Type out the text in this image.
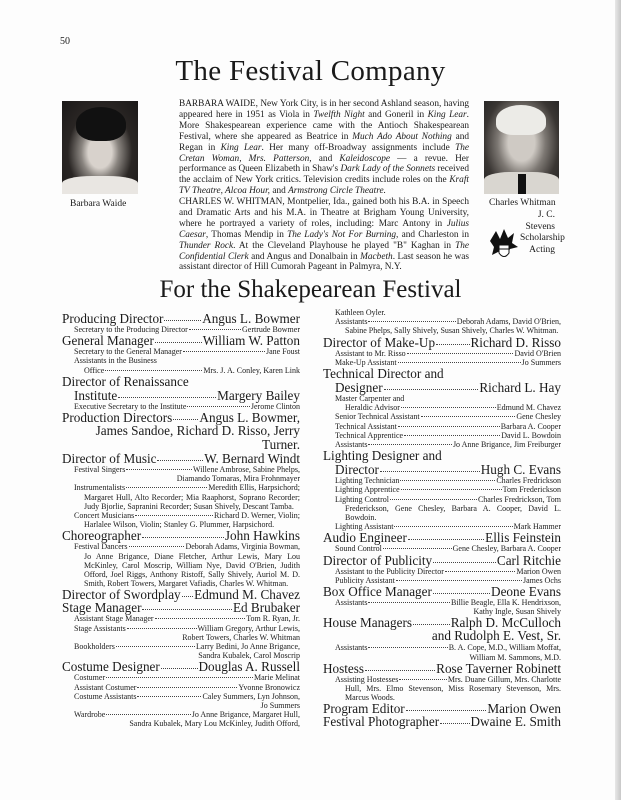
50
The Festival Company
Barbara Waide	Charles Whitman
J. C.
Stevens
Scholarship
Acting
BARBARA WAIDE, New York City, is in her second Ashland season, having appeared here in 1951 as Viola in Twelfth Night and Goneril in King Lear. More Shakespearean experience came with the Antioch Shakespearean Festival, where she appeared as Beatrice in Much Ado About Nothing and Regan in King Lear. Her many off-Broadway assignments include The Cretan Woman, Mrs. Patterson, and Kaleidoscope — a revue. Her performance as Queen Elizabeth in Shaw's Dark Lady of the Sonnets received the acclaim of New York critics. Television credits include roles on the Kraft TV Theatre, Alcoa Hour, and Armstrong Circle Theatre.
CHARLES W. WHITMAN, Montpelier, Ida., gained both his B.A. in Speech and Dramatic Arts and his M.A. in Theatre at Brigham Young University, where he portrayed a variety of roles, including: Marc Antony in Julius Caesar, Thomas Mendip in The Lady's Not For Burning, and Charleston in Thunder Rock. At the Cleveland Playhouse he played "B" Kaghan in The Confidential Clerk and Angus and Donalbain in Macbeth. Last season he was assistant director of Hill Cumorah Pageant in Palmyra, N.Y.
For the Shakepearean Festival
Producing Director	Angus L. Bowmer
Secretary to the Producing Director	Gertrude Bowmer
General Manager	William W. Patton
Secretary to the General Manager	Jane Foust
Assistants in the Business
Office	Mrs. J. A. Conley, Karen Link
Director of Renaissance
Institute	Margery Bailey
Executive Secretary to the Institute	Jerome Clinton
Production Directors Angus L. Bowmer,
James Sandoe, Richard D. Risso, Jerry Turner.
Director of Music	W. Bernard Windt
Festival Singers	Willene Ambrose, Sabine Phelps,
Diamando Tomaras, Mira Frohnmayer
Instrumentalists	Meredith Ellis, Harpsichord;
Margaret Hull, Alto Recorder; Mia Raaphorst, Soprano Recorder; Judy Bjorlie, Sapranini Recorder; Susan Shively, Descant Tamba.
Concert Musicians	Richard D. Werner, Violin;
Harlalee Wilson, Violin; Stanley G. Plummer, Harpsichord.
Choreographer	John Hawkins
Festival Dancers	Deborah Adams, Virginia Bowman,
Jo Anne Brigance, Diane Fletcher, Arthur Lewis, Mary Lou McKinley, Carol Moscrip, William Nye, David O'Brien, Judith Offord, Joel Riggs, Anthony Ristoff, Sally Shively, Auriol M. D. Smith, Robert Towers, Margaret Vafiadis, Charles W. Whitman.
Director of Swordplay Edmund M. Chavez
Stage Manager	Ed Brubaker
Assistant Stage Manager	Tom R. Ryan, Jr.
Stage Assistants	William Gregory, Arthur Lewis,
Robert Towers, Charles W. Whitman
Bookholders	Larry Bedini, Jo Anne Brigance,
Sandra Kubalek, Carol Moscrip
Costume Designer	Douglas A. Russell
Costumer	Marie Melinat
Assistant Costumer	Yvonne Bronowicz
Costume Assistants	Caley Summers, Lyn Johnson,
Jo Summers
Wardrobe	Jo Anne Brigance, Margaret Hull,
Sandra Kubalek, Mary Lou McKinley, Judith Offord,
Kathleen Oyler.
Assistants	Deborah Adams, David O'Brien,
Sabine Phelps, Sally Shively, Susan Shively, Charles W. Whitman.
Director of Make-Up	Richard D. Risso
Assistant to Mr. Risso	David O'Brien
Make-Up Assistant	Jo Summers
Technical Director and
Designer	Richard L. Hay
Master Carpenter and
Heraldic Advisor	Edmund M. Chavez
Senior Technical Assistant	Gene Chesley
Technical Assistant	Barbara A. Cooper
Technical Apprentice	David L. Bowdoin
Assistants	Jo Anne Brigance, Jim Freiburger
Lighting Designer and
Director	Hugh C. Evans
Lighting Technician	Charles Fredrickson
Lighting Apprentice	Tom Frederickson
Lighting Control	Charles Fredrickson, Tom
Frederickson, Gene Chesley, Barbara A. Cooper, David L. Bowdoin.
Lighting Assistant	Mark Hammer
Audio Engineer	Ellis Feinstein
Sound Control	Gene Chesley, Barbara A. Cooper
Director of Publicity	Carl Ritchie
Assistant to the Publicity Director	Marion Owen
Publicity Assistant	James Ochs
Box Office Manager	Deone Evans
Assistants	Billie Beagle, Ella K. Hendrixson,
Kathy Ingle, Susan Shively
House Managers	Ralph D. McCulloch
and Rudolph E. Vest, Sr.
Assistants	B. A. Cope, M.D., William Moffat,
William M. Sammons, M.D.
Hostess	Rose Taverner Robinett
Assisting Hostesses	Mrs. Duane Gillum, Mrs. Charlotte
Hull, Mrs. Elmo Stevenson, Miss Rosemary Stevenson, Mrs. Marcus Woods.
Program Editor	Marion Owen
Festival Photographer Dwaine E. Smith
